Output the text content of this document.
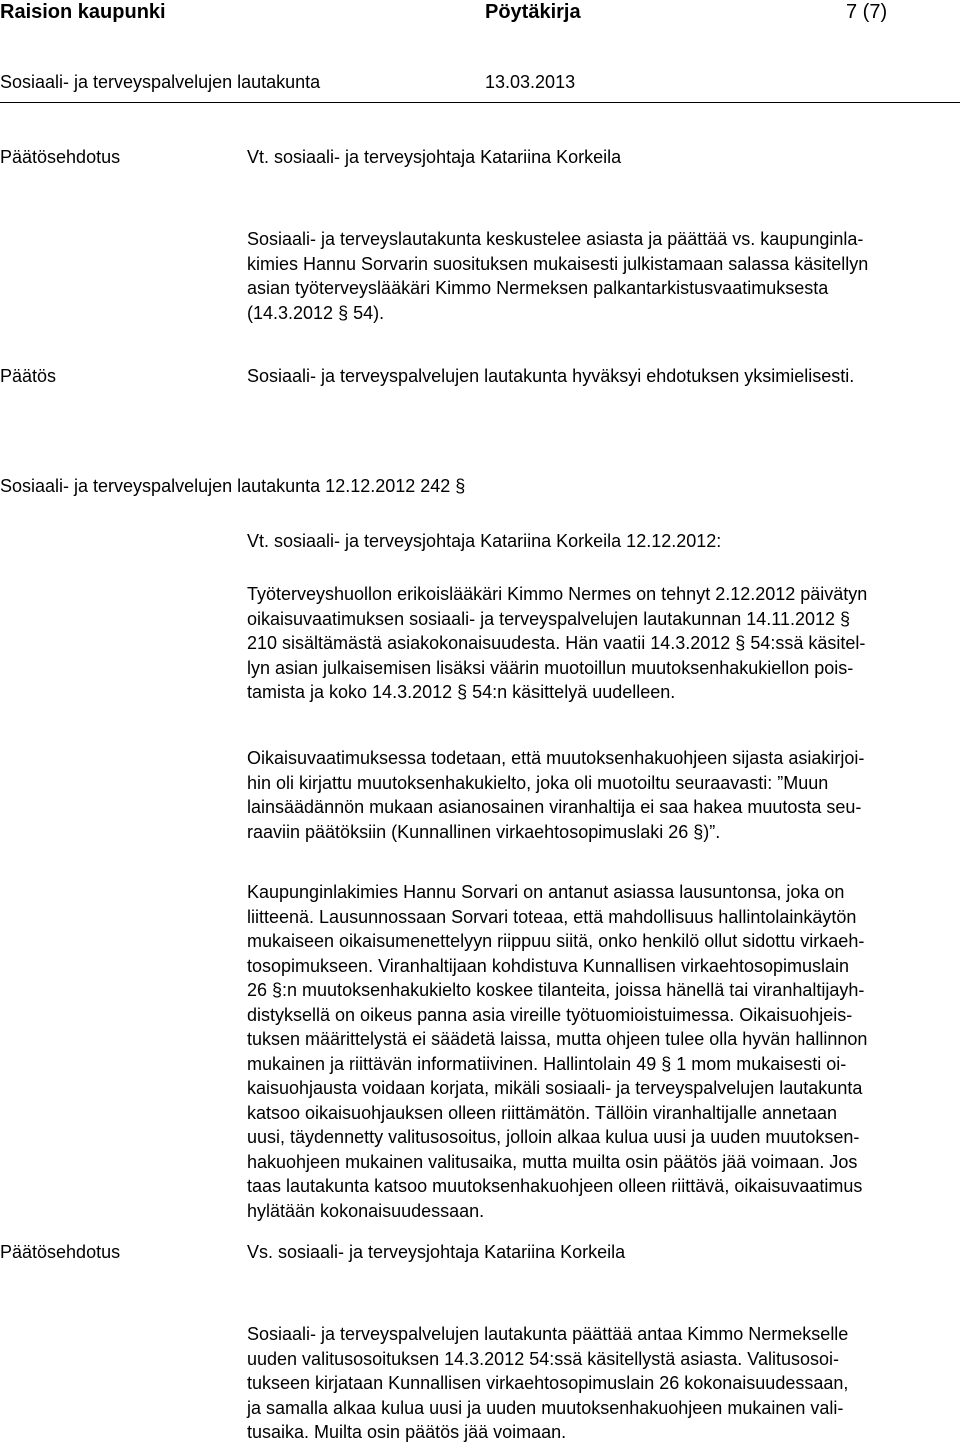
Raision kaupunki	Pöytäkirja	7 (7)
Sosiaali- ja terveyspalvelujen lautakunta	13.03.2013
Päätösehdotus	Vt. sosiaali- ja terveysjohtaja Katariina Korkeila
Sosiaali- ja terveyslautakunta keskustelee asiasta ja päättää vs. kaupunginla-
kimies Hannu Sorvarin suosituksen mukaisesti julkistamaan salassa käsitellyn
asian työterveyslääkäri Kimmo Nermeksen palkantarkistusvaatimuksesta
(14.3.2012 § 54).
Päätös	Sosiaali- ja terveyspalvelujen lautakunta hyväksyi ehdotuksen yksimielisesti.
Sosiaali- ja terveyspalvelujen lautakunta 12.12.2012 242 §
Vt. sosiaali- ja terveysjohtaja Katariina Korkeila 12.12.2012:
Työterveyshuollon erikoislääkäri Kimmo Nermes on tehnyt 2.12.2012 päivätyn
oikaisuvaatimuksen sosiaali- ja terveyspalvelujen lautakunnan 14.11.2012 §
210 sisältämästä asiakokonaisuudesta. Hän vaatii 14.3.2012 § 54:ssä käsitel-
lyn asian julkaisemisen lisäksi väärin muotoillun muutoksenhakukiellon pois-
tamista ja koko 14.3.2012 § 54:n käsittelyä uudelleen.
Oikaisuvaatimuksessa todetaan, että muutoksenhakuohjeen sijasta asiakirjoi-
hin oli kirjattu muutoksenhakukielto, joka oli muotoiltu seuraavasti: ”Muun
lainsäädännön mukaan asianosainen viranhaltija ei saa hakea muutosta seu-
raaviin päätöksiin (Kunnallinen virkaehtosopimuslaki 26 §)”.
Kaupunginlakimies Hannu Sorvari on antanut asiassa lausuntonsa, joka on
liitteenä. Lausunnossaan Sorvari toteaa, että mahdollisuus hallintolainkäytön
mukaiseen oikaisumenettelyyn riippuu siitä, onko henkilö ollut sidottu virkaeh-
tosopimukseen. Viranhaltijaan kohdistuva Kunnallisen virkaehtosopimuslain
26 §:n muutoksenhakukielto koskee tilanteita, joissa hänellä tai viranhaltijayh-
distyksellä on oikeus panna asia vireille työtuomioistuimessa. Oikaisuohjeis-
tuksen määrittelystä ei säädetä laissa, mutta ohjeen tulee olla hyvän hallinnon
mukainen ja riittävän informatiivinen. Hallintolain 49 § 1 mom mukaisesti oi-
kaisuohjausta voidaan korjata, mikäli sosiaali- ja terveyspalvelujen lautakunta
katsoo oikaisuohjauksen olleen riittämätön. Tällöin viranhaltijalle annetaan
uusi, täydennetty valitusosoitus, jolloin alkaa kulua uusi ja uuden muutoksen-
hakuohjeen mukainen valitusaika, mutta muilta osin päätös jää voimaan. Jos
taas lautakunta katsoo muutoksenhakuohjeen olleen riittävä, oikaisuvaatimus
hylätään kokonaisuudessaan.
Päätösehdotus	Vs. sosiaali- ja terveysjohtaja Katariina Korkeila
Sosiaali- ja terveyspalvelujen lautakunta päättää antaa Kimmo Nermekselle
uuden valitusosoituksen 14.3.2012 54:ssä käsitellystä asiasta. Valitusosoi-
tukseen kirjataan Kunnallisen virkaehtosopimuslain 26 kokonaisuudessaan,
ja samalla alkaa kulua uusi ja uuden muutoksenhakuohjeen mukainen vali-
tusaika. Muilta osin päätös jää voimaan.
